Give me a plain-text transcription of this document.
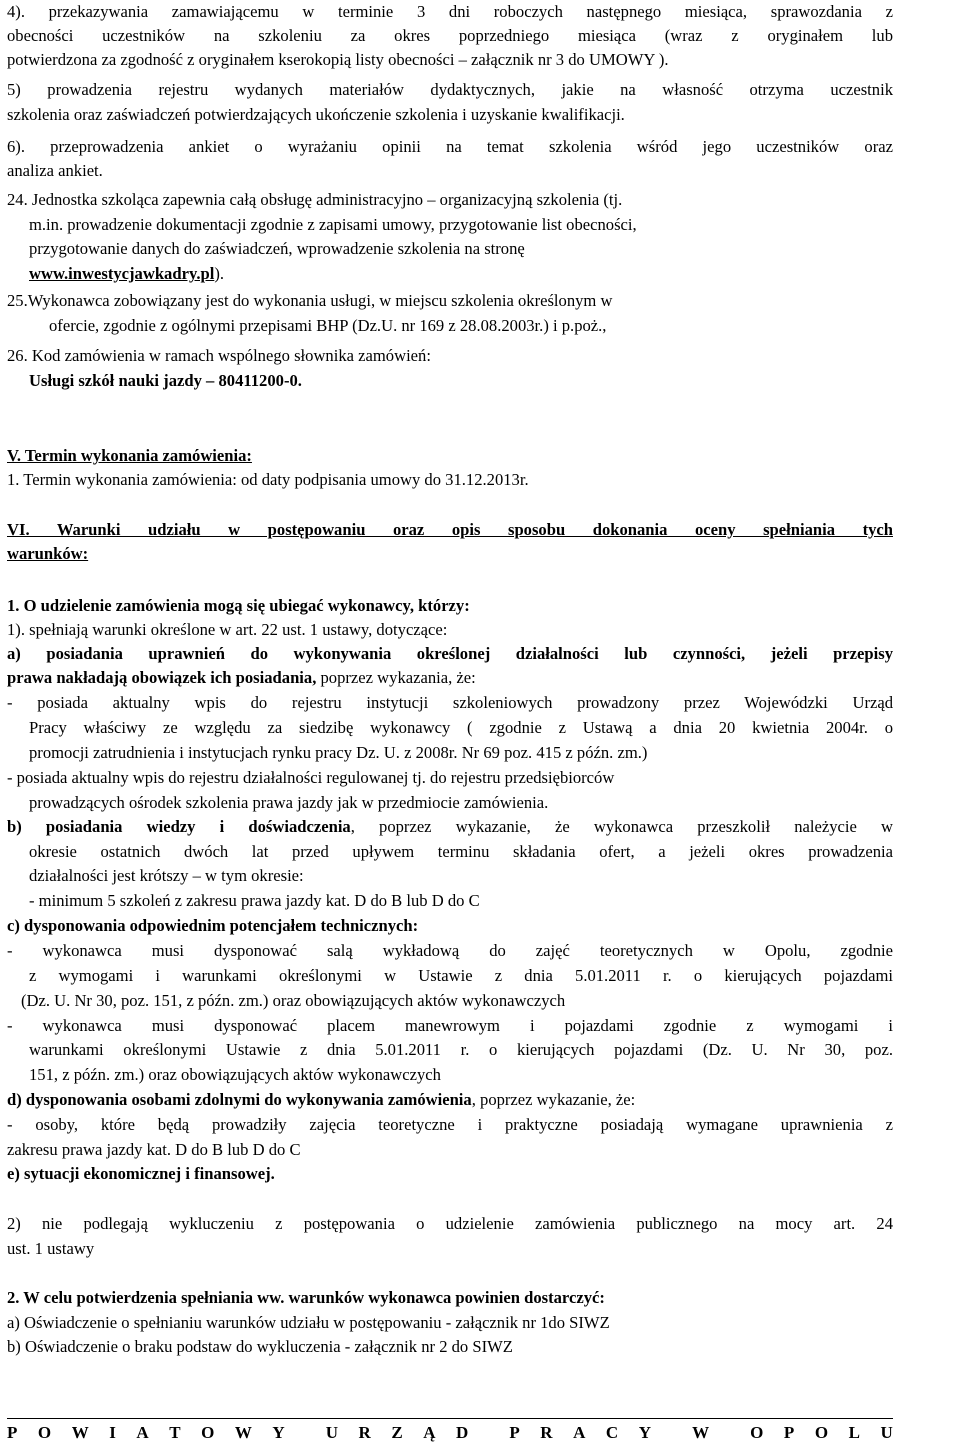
4). przekazywania zamawiającemu w terminie 3 dni roboczych następnego miesiąca, sprawozdania z
obecności uczestników na szkoleniu za okres poprzedniego miesiąca (wraz z oryginałem lub
potwierdzona za zgodność z oryginałem kserokopią listy obecności – załącznik nr 3 do UMOWY ).
5) prowadzenia rejestru wydanych materiałów dydaktycznych, jakie na własność otrzyma uczestnik
szkolenia oraz zaświadczeń potwierdzających ukończenie szkolenia i uzyskanie kwalifikacji.
6). przeprowadzenia ankiet o wyrażaniu opinii na temat szkolenia wśród jego uczestników oraz
analiza ankiet.
24. Jednostka szkoląca zapewnia całą obsługę administracyjno – organizacyjną szkolenia (tj.
m.in. prowadzenie dokumentacji zgodnie z zapisami umowy, przygotowanie list obecności,
przygotowanie danych do zaświadczeń, wprowadzenie szkolenia na stronę
www.inwestycjawkadry.pl).
25.Wykonawca zobowiązany jest do wykonania usługi, w miejscu szkolenia określonym w
ofercie, zgodnie z ogólnymi przepisami BHP (Dz.U. nr 169 z 28.08.2003r.) i p.poż.,
26. Kod zamówienia w ramach wspólnego słownika zamówień:
Usługi szkół nauki jazdy – 80411200-0.
V. Termin wykonania zamówienia:
1. Termin wykonania zamówienia: od daty podpisania umowy do 31.12.2013r.
VI. Warunki udziału w postępowaniu oraz opis sposobu dokonania oceny spełniania tych
warunków:
1. O udzielenie zamówienia mogą się ubiegać wykonawcy, którzy:
1). spełniają warunki określone w art. 22 ust. 1 ustawy, dotyczące:
a) posiadania uprawnień do wykonywania określonej działalności lub czynności, jeżeli przepisy
prawa nakładają obowiązek ich posiadania, poprzez wykazania, że:
- posiada aktualny wpis do rejestru instytucji szkoleniowych prowadzony przez Wojewódzki Urząd
Pracy właściwy ze względu za siedzibę wykonawcy ( zgodnie z Ustawą a dnia 20 kwietnia 2004r. o
promocji zatrudnienia i instytucjach rynku pracy Dz. U. z 2008r. Nr 69 poz. 415 z późn. zm.)
- posiada aktualny wpis do rejestru działalności regulowanej tj. do rejestru przedsiębiorców
prowadzących ośrodek szkolenia prawa jazdy jak w przedmiocie zamówienia.
b) posiadania wiedzy i doświadczenia, poprzez wykazanie, że wykonawca przeszkolił należycie w
okresie ostatnich dwóch lat przed upływem terminu składania ofert, a jeżeli okres prowadzenia
działalności jest krótszy – w tym okresie:
- minimum 5 szkoleń z zakresu prawa jazdy kat. D do B lub D do C
c) dysponowania odpowiednim potencjałem technicznych:
- wykonawca musi dysponować salą wykładową do zajęć teoretycznych w Opolu, zgodnie
z wymogami i warunkami określonymi w Ustawie z dnia 5.01.2011 r. o kierujących pojazdami
(Dz. U. Nr 30, poz. 151, z późn. zm.) oraz obowiązujących aktów wykonawczych
- wykonawca musi dysponować placem manewrowym i pojazdami zgodnie z wymogami i
warunkami określonymi Ustawie z dnia 5.01.2011 r. o kierujących pojazdami (Dz. U. Nr 30, poz.
151, z późn. zm.) oraz obowiązujących aktów wykonawczych
d) dysponowania osobami zdolnymi do wykonywania zamówienia, poprzez wykazanie, że:
- osoby, które będą prowadziły zajęcia teoretyczne i praktyczne posiadają wymagane uprawnienia z
zakresu prawa jazdy kat. D do B lub D do C
e) sytuacji ekonomicznej i finansowej.
2) nie podlegają wykluczeniu z postępowania o udzielenie zamówienia publicznego na mocy art. 24
ust. 1 ustawy
2. W celu potwierdzenia spełniania ww. warunków wykonawca powinien dostarczyć:
a) Oświadczenie o spełnianiu warunków udziału w postępowaniu - załącznik nr 1do SIWZ
b) Oświadczenie o braku podstaw do wykluczenia - załącznik nr 2 do SIWZ
P O W I A T O W Y U R Z Ą D P R A C Y W O P O L U
